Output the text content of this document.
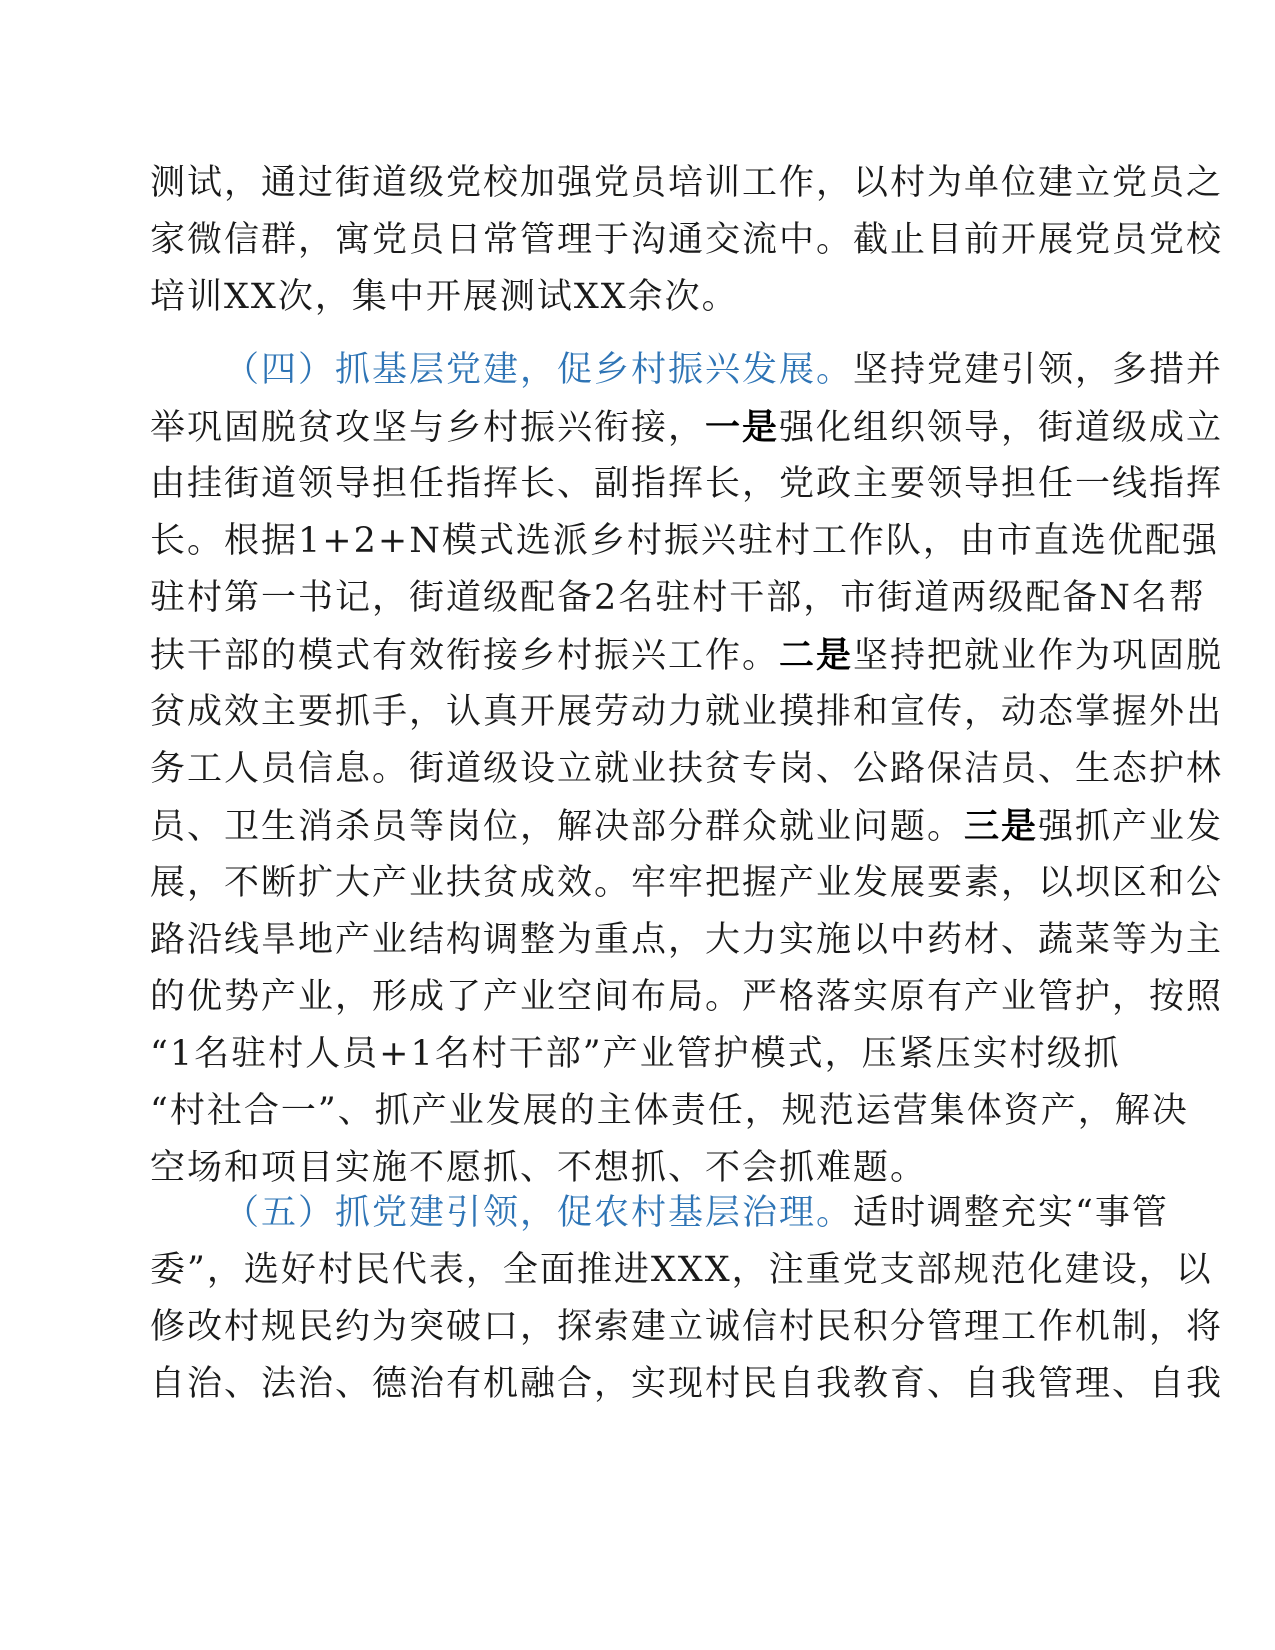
测试，通过街道级党校加强党员培训工作，以村为单位建立党员之
家微信群，寓党员日常管理于沟通交流中。截止目前开展党员党校
培训XX次，集中开展测试XX余次。
（四）抓基层党建，促乡村振兴发展。坚持党建引领，多措并
举巩固脱贫攻坚与乡村振兴衔接，一是强化组织领导，街道级成立
由挂街道领导担任指挥长、副指挥长，党政主要领导担任一线指挥
长。根据1+2+N模式选派乡村振兴驻村工作队，由市直选优配强
驻村第一书记，街道级配备2名驻村干部，市街道两级配备N名帮
扶干部的模式有效衔接乡村振兴工作。二是坚持把就业作为巩固脱
贫成效主要抓手，认真开展劳动力就业摸排和宣传，动态掌握外出
务工人员信息。街道级设立就业扶贫专岗、公路保洁员、生态护林
员、卫生消杀员等岗位，解决部分群众就业问题。三是强抓产业发
展，不断扩大产业扶贫成效。牢牢把握产业发展要素，以坝区和公
路沿线旱地产业结构调整为重点，大力实施以中药材、蔬菜等为主
的优势产业，形成了产业空间布局。严格落实原有产业管护，按照
“1名驻村人员+1名村干部”产业管护模式，压紧压实村级抓
“村社合一”、抓产业发展的主体责任，规范运营集体资产，解决
空场和项目实施不愿抓、不想抓、不会抓难题。
（五）抓党建引领，促农村基层治理。适时调整充实“事管
委”，选好村民代表，全面推进XXX，注重党支部规范化建设，以
修改村规民约为突破口，探索建立诚信村民积分管理工作机制，将
自治、法治、德治有机融合，实现村民自我教育、自我管理、自我
